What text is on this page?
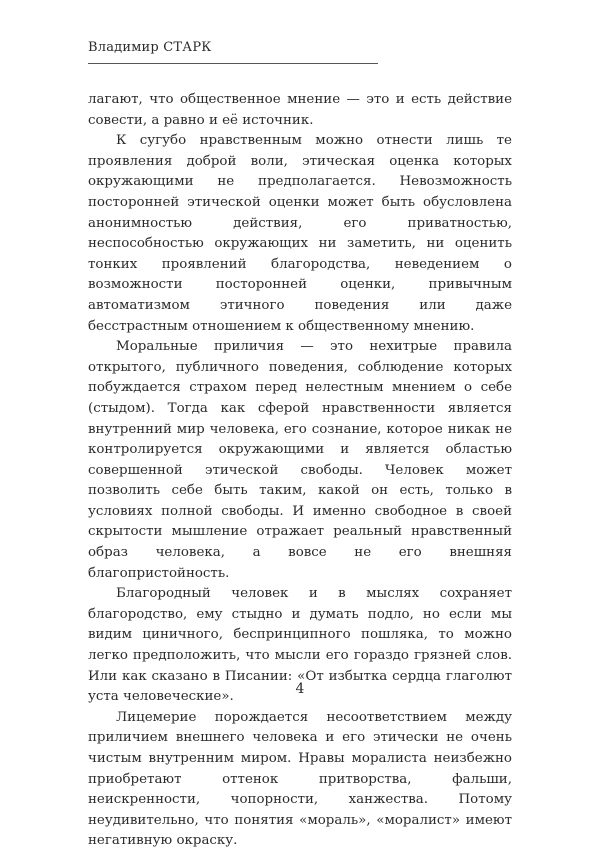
Владимир СТАРК

лагают, что общественное мнение — это и есть действие совести, а равно и её источник.

К сугубо нравственным можно отнести лишь те проявления доброй воли, этическая оценка которых окружающими не предполагается. Невозможность посторонней этической оценки может быть обусловлена анонимностью действия, его приватностью, неспособностью окружающих ни заметить, ни оценить тонких проявлений благородства, неведением о возможности посторонней оценки, привычным автоматизмом этичного поведения или даже бесстрастным отношением к общественному мнению.

Моральные приличия — это нехитрые правила открытого, публичного поведения, соблюдение которых побуждается страхом перед нелестным мнением о себе (стыдом). Тогда как сферой нравственности является внутренний мир человека, его сознание, которое никак не контролируется окружающими и является областью совершенной этической свободы. Человек может позволить себе быть таким, какой он есть, только в условиях полной свободы. И именно свободное в своей скрытости мышление отражает реальный нравственный образ человека, а вовсе не его внешняя благопристойность.

Благородный человек и в мыслях сохраняет благородство, ему стыдно и думать подло, но если мы видим циничного, беспринципного пошляка, то можно легко предположить, что мысли его гораздо грязней слов. Или как сказано в Писании: «От избытка сердца глаголют уста человеческие».

Лицемерие порождается несоответствием между приличием внешнего человека и его этически не очень чистым внутренним миром. Нравы моралиста неизбежно приобретают оттенок притворства, фальши, неискренности, чопорности, ханжества. Потому неудивительно, что понятия «мораль», «моралист» имеют негативную окраску.

4
